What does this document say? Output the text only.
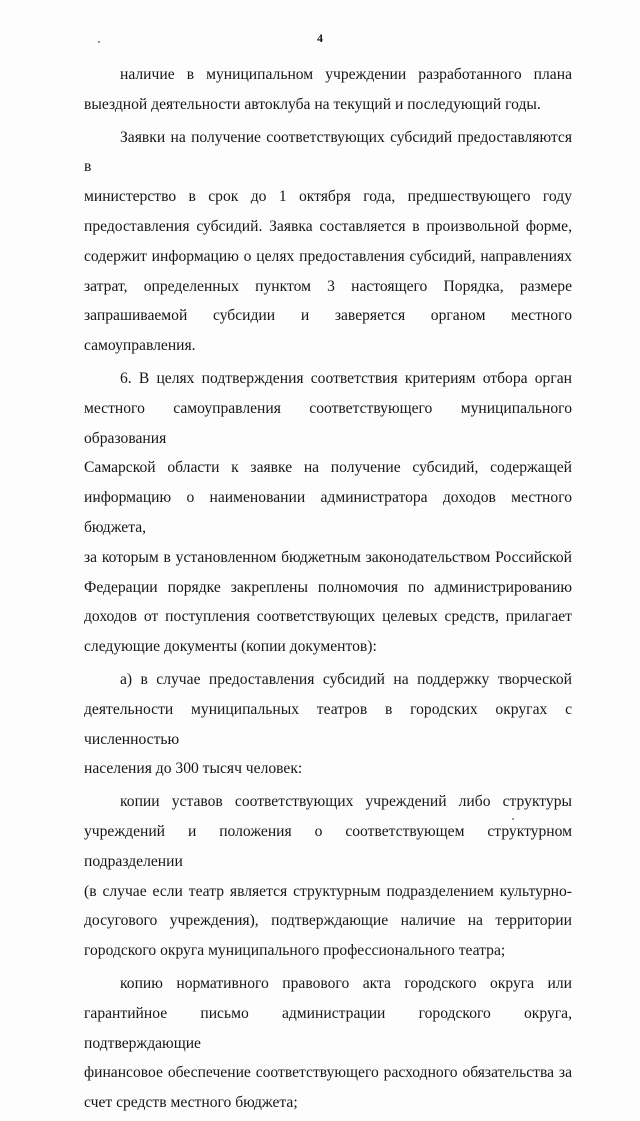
4

наличие в муниципальном учреждении разработанного плана
выездной деятельности автоклуба на текущий и последующий годы.

Заявки на получение соответствующих субсидий предоставляются в
министерство в срок до 1 октября года, предшествующего году
предоставления субсидий. Заявка составляется в произвольной форме,
содержит информацию о целях предоставления субсидий, направлениях
затрат, определенных пунктом 3 настоящего Порядка, размере
запрашиваемой субсидии и заверяется органом местного самоуправления.

6. В целях подтверждения соответствия критериям отбора орган
местного самоуправления соответствующего муниципального образования
Самарской области к заявке на получение субсидий, содержащей
информацию о наименовании администратора доходов местного бюджета,
за которым в установленном бюджетным законодательством Российской
Федерации порядке закреплены полномочия по администрированию
доходов от поступления соответствующих целевых средств, прилагает
следующие документы (копии документов):

а) в случае предоставления субсидий на поддержку творческой
деятельности муниципальных театров в городских округах с численностью
населения до 300 тысяч человек:

копии уставов соответствующих учреждений либо структуры
учреждений и положения о соответствующем структурном подразделении
(в случае если театр является структурным подразделением культурно-
досугового учреждения), подтверждающие наличие на территории
городского округа муниципального профессионального театра;

копию нормативного правового акта городского округа или
гарантийное письмо администрации городского округа, подтверждающие
финансовое обеспечение соответствующего расходного обязательства за
счет средств местного бюджета;
